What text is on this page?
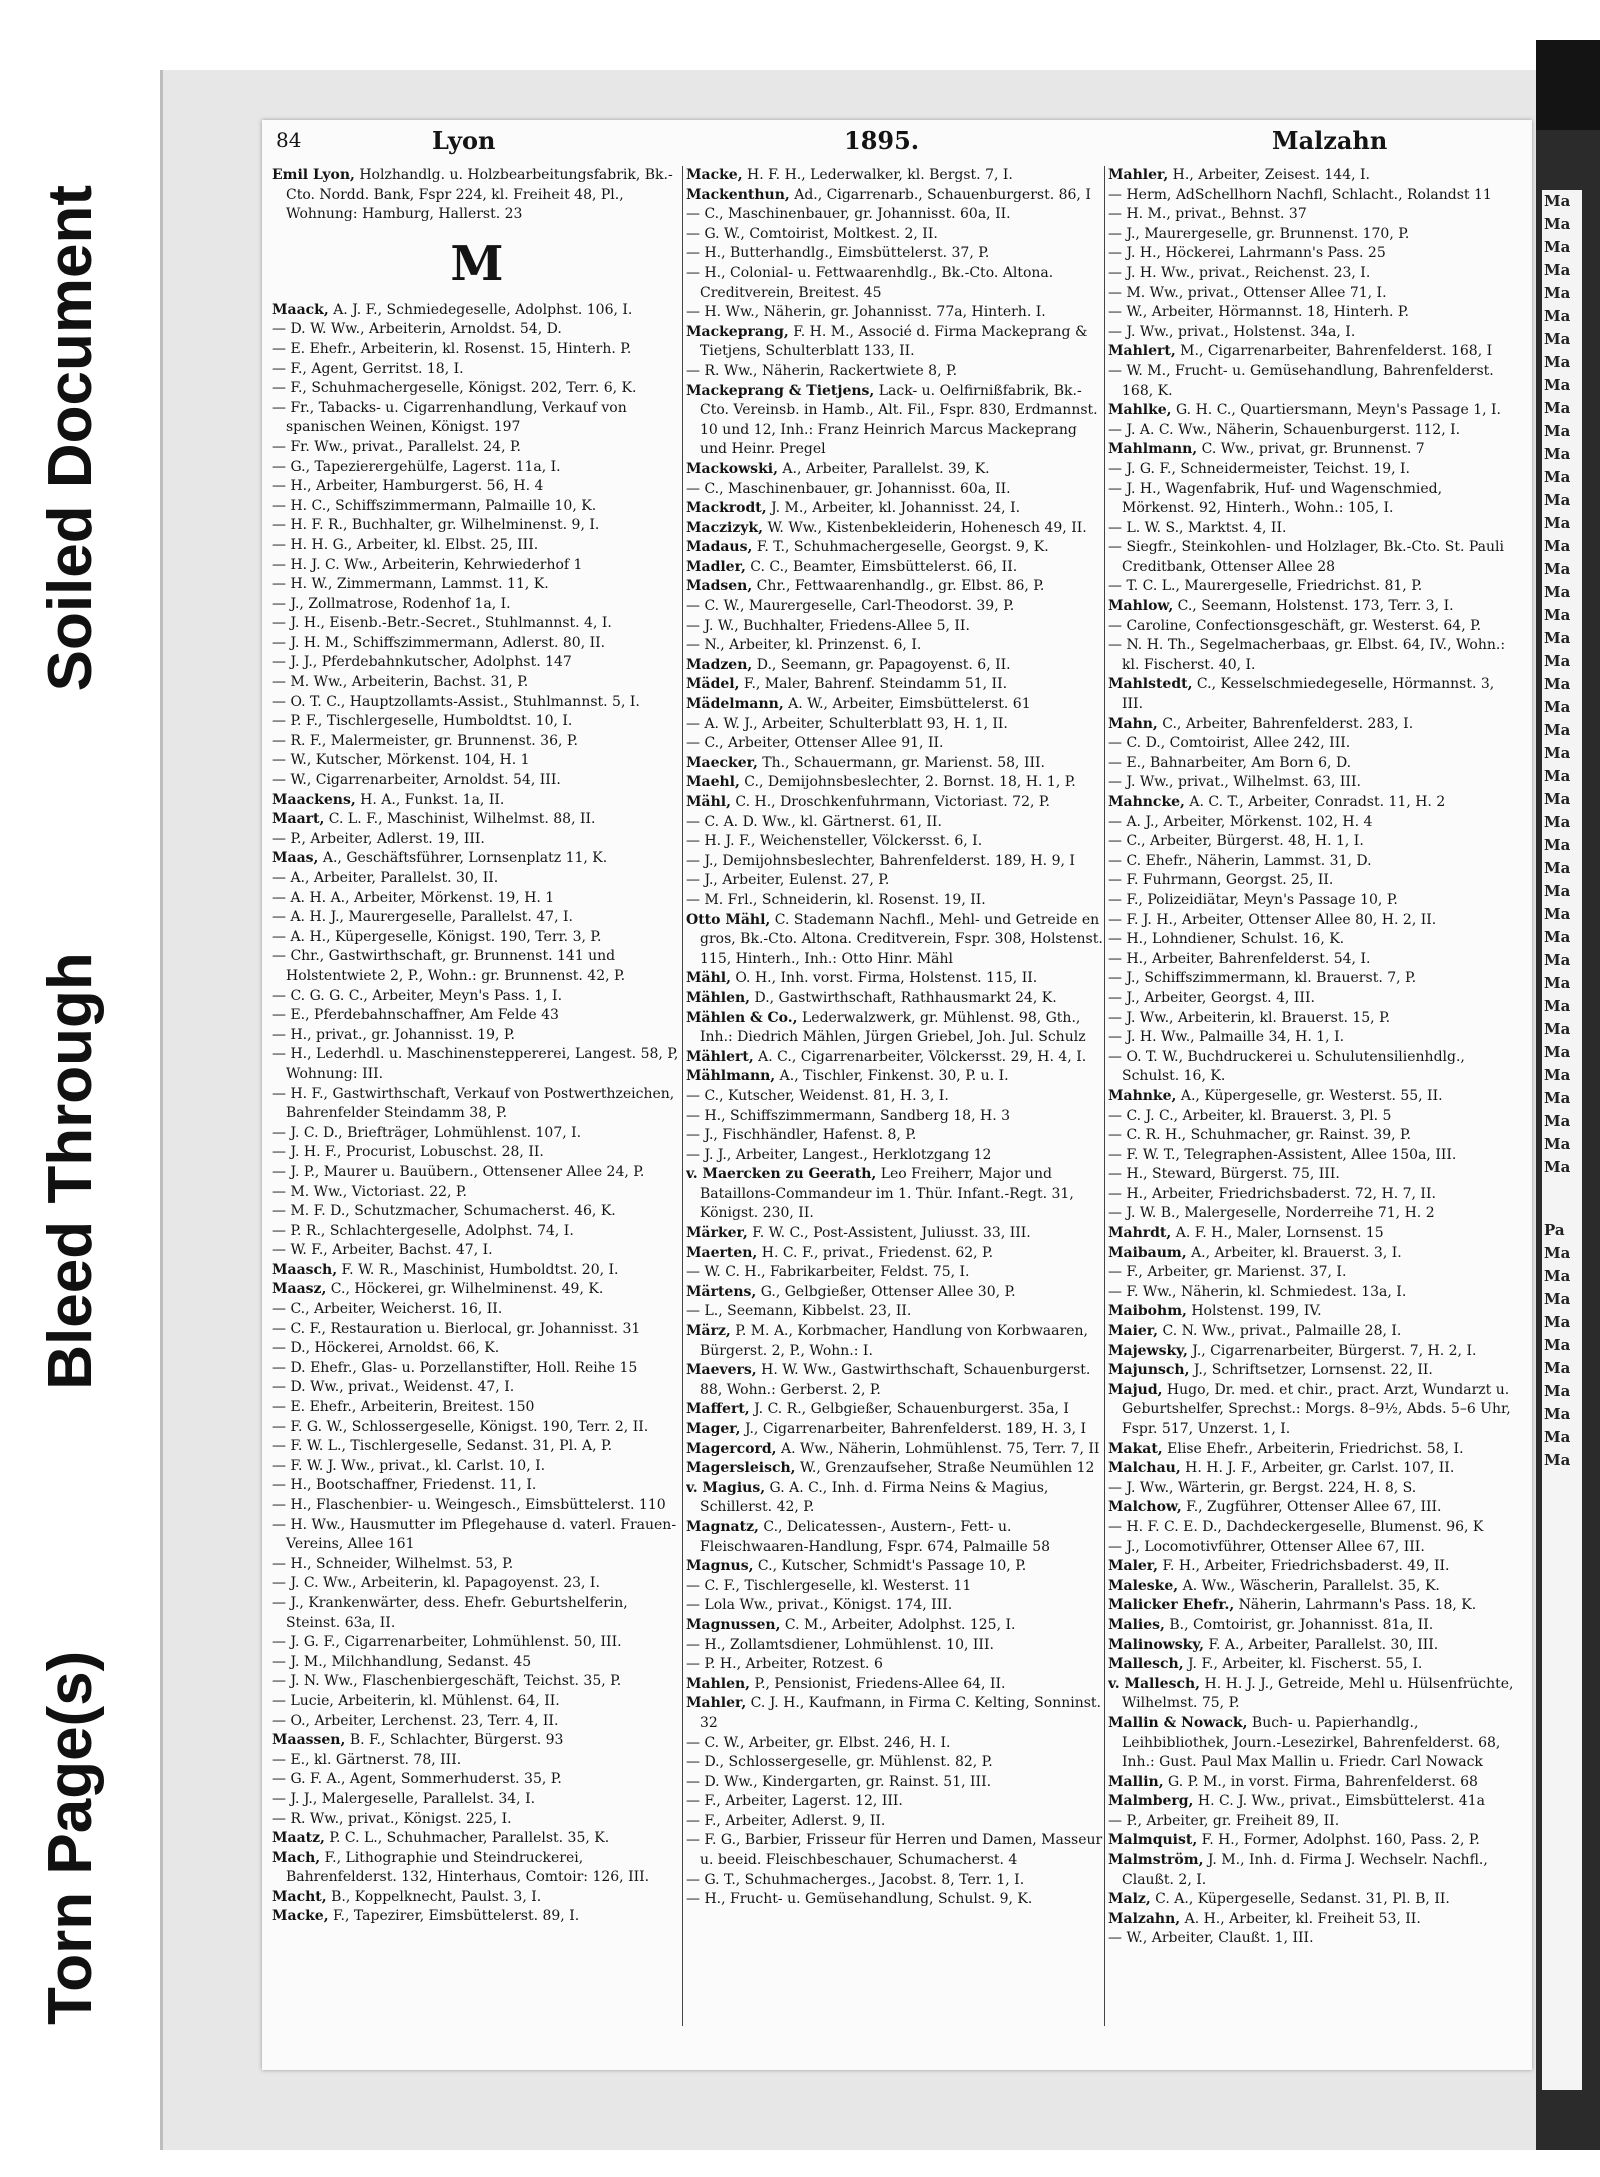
Torn Page(s)
Bleed Through
Soiled Document	Ma
Ma
Ma
Ma
Ma
Ma
Ma
Ma
Ma
Ma
Ma
Ma
Ma
Ma
Ma
Ma
Ma
Ma
Ma
Ma
Ma
Ma
Ma
Ma
Ma
Ma
Ma
Ma
Ma
Ma
Ma
Ma
Ma
Ma
Ma
Ma
Ma
Ma
Ma
Ma
Ma
Ma
Ma
Pa
Ma
Ma
Ma
Ma
Ma
Ma
Ma
Ma
Ma
Ma
84	Lyon	1895.	Malzahn

Emil Lyon, Holzhandlg. u. Holzbearbeitungsfabrik, Bk.-Cto. Nordd. Bank, Fspr 224, kl. Freiheit 48, Pl., Wohnung: Hamburg, Hallerst. 23

M

Maack, A. J. F., Schmiedegeselle, Adolphst. 106, I.

— D. W. Ww., Arbeiterin, Arnoldst. 54, D.

— E. Ehefr., Arbeiterin, kl. Rosenst. 15, Hinterh. P.

— F., Agent, Gerritst. 18, I.

— F., Schuhmachergeselle, Königst. 202, Terr. 6, K.

— Fr., Tabacks- u. Cigarrenhandlung, Verkauf von spanischen Weinen, Königst. 197

— Fr. Ww., privat., Parallelst. 24, P.

— G., Tapezierergehülfe, Lagerst. 11a, I.

— H., Arbeiter, Hamburgerst. 56, H. 4

— H. C., Schiffszimmermann, Palmaille 10, K.

— H. F. R., Buchhalter, gr. Wilhelminenst. 9, I.

— H. H. G., Arbeiter, kl. Elbst. 25, III.

— H. J. C. Ww., Arbeiterin, Kehrwiederhof 1

— H. W., Zimmermann, Lammst. 11, K.

— J., Zollmatrose, Rodenhof 1a, I.

— J. H., Eisenb.-Betr.-Secret., Stuhlmannst. 4, I.

— J. H. M., Schiffszimmermann, Adlerst. 80, II.

— J. J., Pferdebahnkutscher, Adolphst. 147

— M. Ww., Arbeiterin, Bachst. 31, P.

— O. T. C., Hauptzollamts-Assist., Stuhlmannst. 5, I.

— P. F., Tischlergeselle, Humboldtst. 10, I.

— R. F., Malermeister, gr. Brunnenst. 36, P.

— W., Kutscher, Mörkenst. 104, H. 1

— W., Cigarrenarbeiter, Arnoldst. 54, III.

Maackens, H. A., Funkst. 1a, II.

Maart, C. L. F., Maschinist, Wilhelmst. 88, II.

— P., Arbeiter, Adlerst. 19, III.

Maas, A., Geschäftsführer, Lornsenplatz 11, K.

— A., Arbeiter, Parallelst. 30, II.

— A. H. A., Arbeiter, Mörkenst. 19, H. 1

— A. H. J., Maurergeselle, Parallelst. 47, I.

— A. H., Küpergeselle, Königst. 190, Terr. 3, P.

— Chr., Gastwirthschaft, gr. Brunnenst. 141 und Holstentwiete 2, P., Wohn.: gr. Brunnenst. 42, P.

— C. G. G. C., Arbeiter, Meyn's Pass. 1, I.

— E., Pferdebahnschaffner, Am Felde 43

— H., privat., gr. Johannisst. 19, P.

— H., Lederhdl. u. Maschinensteppererei, Langest. 58, P, Wohnung: III.

— H. F., Gastwirthschaft, Verkauf von Postwerthzeichen, Bahrenfelder Steindamm 38, P.

— J. C. D., Briefträger, Lohmühlenst. 107, I.

— J. H. F., Procurist, Lobuschst. 28, II.

— J. P., Maurer u. Bauübern., Ottensener Allee 24, P.

— M. Ww., Victoriast. 22, P.

— M. F. D., Schutzmacher, Schumacherst. 46, K.

— P. R., Schlachtergeselle, Adolphst. 74, I.

— W. F., Arbeiter, Bachst. 47, I.

Maasch, F. W. R., Maschinist, Humboldtst. 20, I.

Maasz, C., Höckerei, gr. Wilhelminenst. 49, K.

— C., Arbeiter, Weicherst. 16, II.

— C. F., Restauration u. Bierlocal, gr. Johannisst. 31

— D., Höckerei, Arnoldst. 66, K.

— D. Ehefr., Glas- u. Porzellanstifter, Holl. Reihe 15

— D. Ww., privat., Weidenst. 47, I.

— E. Ehefr., Arbeiterin, Breitest. 150

— F. G. W., Schlossergeselle, Königst. 190, Terr. 2, II.

— F. W. L., Tischlergeselle, Sedanst. 31, Pl. A, P.

— F. W. J. Ww., privat., kl. Carlst. 10, I.

— H., Bootschaffner, Friedenst. 11, I.

— H., Flaschenbier- u. Weingesch., Eimsbüttelerst. 110

— H. Ww., Hausmutter im Pflegehause d. vaterl. Frauen-Vereins, Allee 161

— H., Schneider, Wilhelmst. 53, P.

— J. C. Ww., Arbeiterin, kl. Papagoyenst. 23, I.

— J., Krankenwärter, dess. Ehefr. Geburtshelferin, Steinst. 63a, II.

— J. G. F., Cigarrenarbeiter, Lohmühlenst. 50, III.

— J. M., Milchhandlung, Sedanst. 45

— J. N. Ww., Flaschenbiergeschäft, Teichst. 35, P.

— Lucie, Arbeiterin, kl. Mühlenst. 64, II.

— O., Arbeiter, Lerchenst. 23, Terr. 4, II.

Maassen, B. F., Schlachter, Bürgerst. 93

— E., kl. Gärtnerst. 78, III.

— G. F. A., Agent, Sommerhuderst. 35, P.

— J. J., Malergeselle, Parallelst. 34, I.

— R. Ww., privat., Königst. 225, I.

Maatz, P. C. L., Schuhmacher, Parallelst. 35, K.

Mach, F., Lithographie und Steindruckerei, Bahrenfelderst. 132, Hinterhaus, Comtoir: 126, III.

Macht, B., Koppelknecht, Paulst. 3, I.

Macke, F., Tapezirer, Eimsbüttelerst. 89, I.

Macke, H. F. H., Lederwalker, kl. Bergst. 7, I.

Mackenthun, Ad., Cigarrenarb., Schauenburgerst. 86, I

— C., Maschinenbauer, gr. Johannisst. 60a, II.

— G. W., Comtoirist, Moltkest. 2, II.

— H., Butterhandlg., Eimsbüttelerst. 37, P.

— H., Colonial- u. Fettwaarenhdlg., Bk.-Cto. Altona. Creditverein, Breitest. 45

— H. Ww., Näherin, gr. Johannisst. 77a, Hinterh. I.

Mackeprang, F. H. M., Associé d. Firma Mackeprang & Tietjens, Schulterblatt 133, II.

— R. Ww., Näherin, Rackertwiete 8, P.

Mackeprang & Tietjens, Lack- u. Oelfirnißfabrik, Bk.-Cto. Vereinsb. in Hamb., Alt. Fil., Fspr. 830, Erdmannst. 10 und 12, Inh.: Franz Heinrich Marcus Mackeprang und Heinr. Pregel

Mackowski, A., Arbeiter, Parallelst. 39, K.

— C., Maschinenbauer, gr. Johannisst. 60a, II.

Mackrodt, J. M., Arbeiter, kl. Johannisst. 24, I.

Maczizyk, W. Ww., Kistenbekleiderin, Hohenesch 49, II.

Madaus, F. T., Schuhmachergeselle, Georgst. 9, K.

Madler, C. C., Beamter, Eimsbüttelerst. 66, II.

Madsen, Chr., Fettwaarenhandlg., gr. Elbst. 86, P.

— C. W., Maurergeselle, Carl-Theodorst. 39, P.

— J. W., Buchhalter, Friedens-Allee 5, II.

— N., Arbeiter, kl. Prinzenst. 6, I.

Madzen, D., Seemann, gr. Papagoyenst. 6, II.

Mädel, F., Maler, Bahrenf. Steindamm 51, II.

Mädelmann, A. W., Arbeiter, Eimsbüttelerst. 61

— A. W. J., Arbeiter, Schulterblatt 93, H. 1, II.

— C., Arbeiter, Ottenser Allee 91, II.

Maecker, Th., Schauermann, gr. Marienst. 58, III.

Maehl, C., Demijohnsbeslechter, 2. Bornst. 18, H. 1, P.

Mähl, C. H., Droschkenfuhrmann, Victoriast. 72, P.

— C. A. D. Ww., kl. Gärtnerst. 61, II.

— H. J. F., Weichensteller, Völckersst. 6, I.

— J., Demijohnsbeslechter, Bahrenfelderst. 189, H. 9, I

— J., Arbeiter, Eulenst. 27, P.

— M. Frl., Schneiderin, kl. Rosenst. 19, II.

Otto Mähl, C. Stademann Nachfl., Mehl- und Getreide en gros, Bk.-Cto. Altona. Creditverein, Fspr. 308, Holstenst. 115, Hinterh., Inh.: Otto Hinr. Mähl

Mähl, O. H., Inh. vorst. Firma, Holstenst. 115, II.

Mählen, D., Gastwirthschaft, Rathhausmarkt 24, K.

Mählen & Co., Lederwalzwerk, gr. Mühlenst. 98, Gth., Inh.: Diedrich Mählen, Jürgen Griebel, Joh. Jul. Schulz

Mählert, A. C., Cigarrenarbeiter, Völckersst. 29, H. 4, I.

Mählmann, A., Tischler, Finkenst. 30, P. u. I.

— C., Kutscher, Weidenst. 81, H. 3, I.

— H., Schiffszimmermann, Sandberg 18, H. 3

— J., Fischhändler, Hafenst. 8, P.

— J. J., Arbeiter, Langest., Herklotzgang 12

v. Maercken zu Geerath, Leo Freiherr, Major und Bataillons-Commandeur im 1. Thür. Infant.-Regt. 31, Königst. 230, II.

Märker, F. W. C., Post-Assistent, Juliusst. 33, III.

Maerten, H. C. F., privat., Friedenst. 62, P.

— W. C. H., Fabrikarbeiter, Feldst. 75, I.

Märtens, G., Gelbgießer, Ottenser Allee 30, P.

— L., Seemann, Kibbelst. 23, II.

März, P. M. A., Korbmacher, Handlung von Korbwaaren, Bürgerst. 2, P., Wohn.: I.

Maevers, H. W. Ww., Gastwirthschaft, Schauenburgerst. 88, Wohn.: Gerberst. 2, P.

Maffert, J. C. R., Gelbgießer, Schauenburgerst. 35a, I

Mager, J., Cigarrenarbeiter, Bahrenfelderst. 189, H. 3, I

Magercord, A. Ww., Näherin, Lohmühlenst. 75, Terr. 7, II

Magersleisch, W., Grenzaufseher, Straße Neumühlen 12

v. Magius, G. A. C., Inh. d. Firma Neins & Magius, Schillerst. 42, P.

Magnatz, C., Delicatessen-, Austern-, Fett- u. Fleischwaaren-Handlung, Fspr. 674, Palmaille 58

Magnus, C., Kutscher, Schmidt's Passage 10, P.

— C. F., Tischlergeselle, kl. Westerst. 11

— Lola Ww., privat., Königst. 174, III.

Magnussen, C. M., Arbeiter, Adolphst. 125, I.

— H., Zollamtsdiener, Lohmühlenst. 10, III.

— P. H., Arbeiter, Rotzest. 6

Mahlen, P., Pensionist, Friedens-Allee 64, II.

Mahler, C. J. H., Kaufmann, in Firma C. Kelting, Sonninst. 32

— C. W., Arbeiter, gr. Elbst. 246, H. I.

— D., Schlossergeselle, gr. Mühlenst. 82, P.

— D. Ww., Kindergarten, gr. Rainst. 51, III.

— F., Arbeiter, Lagerst. 12, III.

— F., Arbeiter, Adlerst. 9, II.

— F. G., Barbier, Frisseur für Herren und Damen, Masseur u. beeid. Fleischbeschauer, Schumacherst. 4

— G. T., Schuhmacherges., Jacobst. 8, Terr. 1, I.

— H., Frucht- u. Gemüsehandlung, Schulst. 9, K.

Mahler, H., Arbeiter, Zeisest. 144, I.

— Herm, AdSchellhorn Nachfl, Schlacht., Rolandst 11

— H. M., privat., Behnst. 37

— J., Maurergeselle, gr. Brunnenst. 170, P.

— J. H., Höckerei, Lahrmann's Pass. 25

— J. H. Ww., privat., Reichenst. 23, I.

— M. Ww., privat., Ottenser Allee 71, I.

— W., Arbeiter, Hörmannst. 18, Hinterh. P.

— J. Ww., privat., Holstenst. 34a, I.

Mahlert, M., Cigarrenarbeiter, Bahrenfelderst. 168, I

— W. M., Frucht- u. Gemüsehandlung, Bahrenfelderst. 168, K.

Mahlke, G. H. C., Quartiersmann, Meyn's Passage 1, I.

— J. A. C. Ww., Näherin, Schauenburgerst. 112, I.

Mahlmann, C. Ww., privat, gr. Brunnenst. 7

— J. G. F., Schneidermeister, Teichst. 19, I.

— J. H., Wagenfabrik, Huf- und Wagenschmied, Mörkenst. 92, Hinterh., Wohn.: 105, I.

— L. W. S., Marktst. 4, II.

— Siegfr., Steinkohlen- und Holzlager, Bk.-Cto. St. Pauli Creditbank, Ottenser Allee 28

— T. C. L., Maurergeselle, Friedrichst. 81, P.

Mahlow, C., Seemann, Holstenst. 173, Terr. 3, I.

— Caroline, Confectionsgeschäft, gr. Westerst. 64, P.

— N. H. Th., Segelmacherbaas, gr. Elbst. 64, IV., Wohn.: kl. Fischerst. 40, I.

Mahlstedt, C., Kesselschmiedegeselle, Hörmannst. 3, III.

Mahn, C., Arbeiter, Bahrenfelderst. 283, I.

— C. D., Comtoirist, Allee 242, III.

— E., Bahnarbeiter, Am Born 6, D.

— J. Ww., privat., Wilhelmst. 63, III.

Mahncke, A. C. T., Arbeiter, Conradst. 11, H. 2

— A. J., Arbeiter, Mörkenst. 102, H. 4

— C., Arbeiter, Bürgerst. 48, H. 1, I.

— C. Ehefr., Näherin, Lammst. 31, D.

— F. Fuhrmann, Georgst. 25, II.

— F., Polizeidiätar, Meyn's Passage 10, P.

— F. J. H., Arbeiter, Ottenser Allee 80, H. 2, II.

— H., Lohndiener, Schulst. 16, K.

— H., Arbeiter, Bahrenfelderst. 54, I.

— J., Schiffszimmermann, kl. Brauerst. 7, P.

— J., Arbeiter, Georgst. 4, III.

— J. Ww., Arbeiterin, kl. Brauerst. 15, P.

— J. H. Ww., Palmaille 34, H. 1, I.

— O. T. W., Buchdruckerei u. Schulutensilienhdlg., Schulst. 16, K.

Mahnke, A., Küpergeselle, gr. Westerst. 55, II.

— C. J. C., Arbeiter, kl. Brauerst. 3, Pl. 5

— C. R. H., Schuhmacher, gr. Rainst. 39, P.

— F. W. T., Telegraphen-Assistent, Allee 150a, III.

— H., Steward, Bürgerst. 75, III.

— H., Arbeiter, Friedrichsbaderst. 72, H. 7, II.

— J. W. B., Malergeselle, Norderreihe 71, H. 2

Mahrdt, A. F. H., Maler, Lornsenst. 15

Maibaum, A., Arbeiter, kl. Brauerst. 3, I.

— F., Arbeiter, gr. Marienst. 37, I.

— F. Ww., Näherin, kl. Schmiedest. 13a, I.

Maibohm, Holstenst. 199, IV.

Maier, C. N. Ww., privat., Palmaille 28, I.

Majewsky, J., Cigarrenarbeiter, Bürgerst. 7, H. 2, I.

Majunsch, J., Schriftsetzer, Lornsenst. 22, II.

Majud, Hugo, Dr. med. et chir., pract. Arzt, Wundarzt u. Geburtshelfer, Sprechst.: Morgs. 8–9½, Abds. 5–6 Uhr, Fspr. 517, Unzerst. 1, I.

Makat, Elise Ehefr., Arbeiterin, Friedrichst. 58, I.

Malchau, H. H. J. F., Arbeiter, gr. Carlst. 107, II.

— J. Ww., Wärterin, gr. Bergst. 224, H. 8, S.

Malchow, F., Zugführer, Ottenser Allee 67, III.

— H. F. C. E. D., Dachdeckergeselle, Blumenst. 96, K

— J., Locomotivführer, Ottenser Allee 67, III.

Maler, F. H., Arbeiter, Friedrichsbaderst. 49, II.

Maleske, A. Ww., Wäscherin, Parallelst. 35, K.

Malicker Ehefr., Näherin, Lahrmann's Pass. 18, K.

Malies, B., Comtoirist, gr. Johannisst. 81a, II.

Malinowsky, F. A., Arbeiter, Parallelst. 30, III.

Mallesch, J. F., Arbeiter, kl. Fischerst. 55, I.

v. Mallesch, H. H. J. J., Getreide, Mehl u. Hülsenfrüchte, Wilhelmst. 75, P.

Mallin & Nowack, Buch- u. Papierhandlg., Leihbibliothek, Journ.-Lesezirkel, Bahrenfelderst. 68, Inh.: Gust. Paul Max Mallin u. Friedr. Carl Nowack

Mallin, G. P. M., in vorst. Firma, Bahrenfelderst. 68

Malmberg, H. C. J. Ww., privat., Eimsbüttelerst. 41a

— P., Arbeiter, gr. Freiheit 89, II.

Malmquist, F. H., Former, Adolphst. 160, Pass. 2, P.

Malmström, J. M., Inh. d. Firma J. Wechselr. Nachfl., Claußt. 2, I.

Malz, C. A., Küpergeselle, Sedanst. 31, Pl. B, II.

Malzahn, A. H., Arbeiter, kl. Freiheit 53, II.

— W., Arbeiter, Claußt. 1, III.
